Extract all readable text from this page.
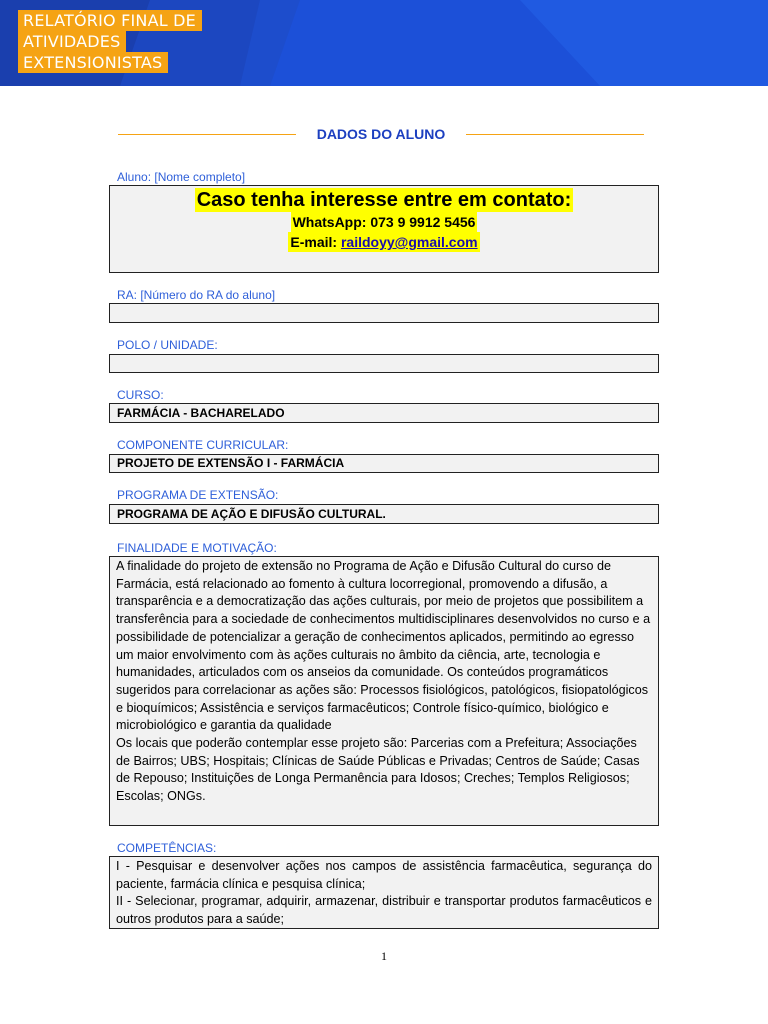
RELATÓRIO FINAL DE
ATIVIDADES
EXTENSIONISTAS
DADOS DO ALUNO
Aluno: [Nome completo]
Caso tenha interesse entre em contato:
WhatsApp: 073 9 9912 5456
E-mail: raildoyy@gmail.com
RA: [Número do RA do aluno]
POLO / UNIDADE:
CURSO:
FARMÁCIA - BACHARELADO
COMPONENTE CURRICULAR:
PROJETO DE EXTENSÃO I - FARMÁCIA
PROGRAMA DE EXTENSÃO:
PROGRAMA DE AÇÃO E DIFUSÃO CULTURAL.
FINALIDADE E MOTIVAÇÃO:

A finalidade do projeto de extensão no Programa de Ação e Difusão Cultural do curso de Farmácia, está relacionado ao fomento à cultura locorregional, promovendo a difusão, a transparência e a democratização das ações culturais, por meio de projetos que possibilitem a transferência para a sociedade de conhecimentos multidisciplinares desenvolvidos no curso e a possibilidade de potencializar a geração de conhecimentos aplicados, permitindo ao egresso um maior envolvimento com às ações culturais no âmbito da ciência, arte, tecnologia e humanidades, articulados com os anseios da comunidade. Os conteúdos programáticos sugeridos para correlacionar as ações são: Processos fisiológicos, patológicos, fisiopatológicos e bioquímicos; Assistência e serviços farmacêuticos; Controle físico-químico, biológico e microbiológico e garantia da qualidade

Os locais que poderão contemplar esse projeto são: Parcerias com a Prefeitura; Associações de Bairros; UBS; Hospitais; Clínicas de Saúde Públicas e Privadas; Centros de Saúde; Casas de Repouso; Instituições de Longa Permanência para Idosos; Creches; Templos Religiosos; Escolas; ONGs.

COMPETÊNCIAS:

I - Pesquisar e desenvolver ações nos campos de assistência farmacêutica, segurança do paciente, farmácia clínica e pesquisa clínica;

II - Selecionar, programar, adquirir, armazenar, distribuir e transportar produtos farmacêuticos e outros produtos para a saúde;

1
